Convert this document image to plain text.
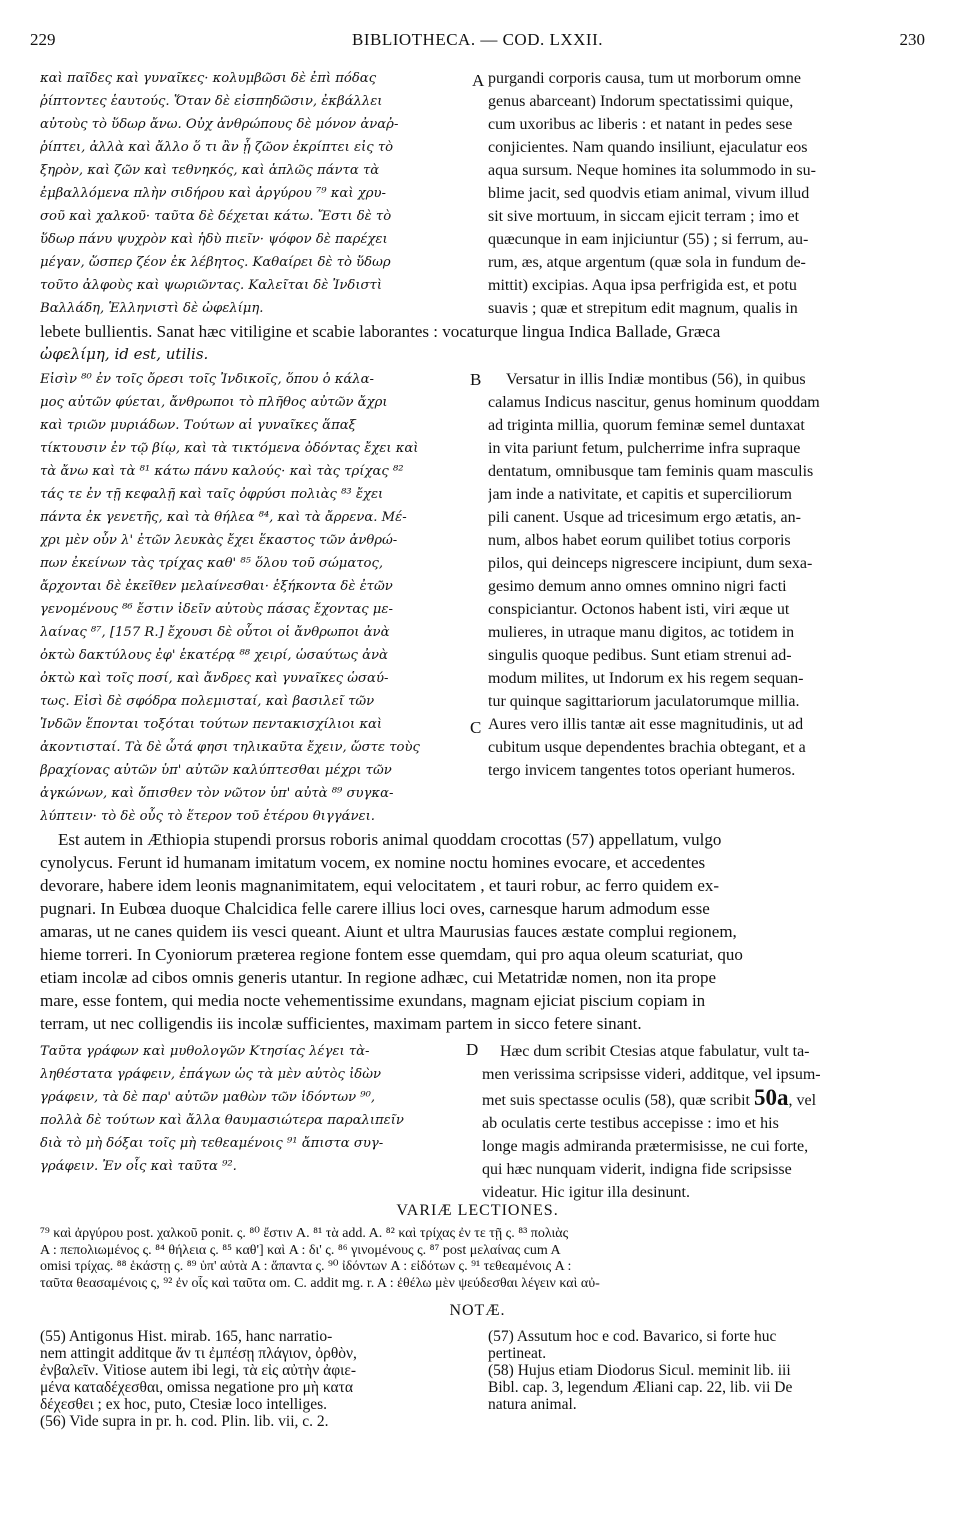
229	BIBLIOTHECA. — COD. LXXII.	230
καὶ παῖδες καὶ γυναῖκες· κολυμβῶσι δὲ ἐπὶ πόδας
ῥίπτοντες ἑαυτούς. Ὅταν δὲ εἰσπηδῶσιν, ἐκβάλλει
αὐτοὺς τὸ ὕδωρ ἄνω. Οὐχ ἀνθρώπους δὲ μόνον ἀναῤ-
ῥίπτει, ἀλλὰ καὶ ἄλλο ὅ τι ἂν ᾗ ζῶον ἐκρίπτει εἰς τὸ
ξηρὸν, καὶ ζῶν καὶ τεθνηκός, καὶ ἁπλῶς πάντα τὰ
ἐμβαλλόμενα πλὴν σιδήρου καὶ ἀργύρου ⁷⁹ καὶ χρυ-
σοῦ καὶ χαλκοῦ· ταῦτα δὲ δέχεται κάτω. Ἔστι δὲ τὸ
ὕδωρ πάνυ ψυχρὸν καὶ ἡδὺ πιεῖν· ψόφον δὲ παρέχει
μέγαν, ὥσπερ ζέον ἐκ λέβητος. Καθαίρει δὲ τὸ ὕδωρ
τοῦτο ἀλφοὺς καὶ ψωριῶντας. Καλεῖται δὲ Ἰνδιστὶ
Βαλλάδη, Ἑλληνιστὶ δὲ ὠφελίμη.
A purgandi corporis causa, tum ut morborum omne
genus abarceant) Indorum spectatissimi quique,
cum uxoribus ac liberis : et natant in pedes sese
conjicientes. Nam quando insiliunt, ejaculatur eos
aqua sursum. Neque homines ita solummodo in su-
blime jacit, sed quodvis etiam animal, vivum illud
sit sive mortuum, in siccam ejicit terram ; imo et
quæcunque in eam injiciuntur (55) ; si ferrum, au-
rum, æs, atque argentum (quæ sola in fundum de-
mittit) excipias. Aqua ipsa perfrigida est, et potu
suavis ; quæ et strepitum edit magnum, qualis in
lebete bullientis. Sanat hæc vitiligine et scabie laborantes : vocaturque lingua Indica Ballade, Græca
ὠφελίμη, id est, utilis.
Εἰσὶν ⁸⁰ ἐν τοῖς ὄρεσι τοῖς Ἰνδικοῖς, ὅπου ὁ κάλα-
μος αὐτῶν φύεται, ἄνθρωποι τὸ πλῆθος αὐτῶν ἄχρι
καὶ τριῶν μυριάδων. Τούτων αἱ γυναῖκες ἅπαξ
τίκτουσιν ἐν τῷ βίῳ, καὶ τὰ τικτόμενα ὀδόντας ἔχει καὶ
τὰ ἄνω καὶ τὰ ⁸¹ κάτω πάνυ καλούς· καὶ τὰς τρίχας ⁸²
τάς τε ἐν τῇ κεφαλῇ καὶ ταῖς ὀφρύσι πολιὰς ⁸³ ἔχει
πάντα ἐκ γενετῆς, καὶ τὰ θήλεα ⁸⁴, καὶ τὰ ἄρρενα. Μέ-
χρι μὲν οὖν λ' ἐτῶν λευκὰς ἔχει ἕκαστος τῶν ἀνθρώ-
πων ἐκείνων τὰς τρίχας καθ' ⁸⁵ ὅλου τοῦ σώματος,
ἄρχονται δὲ ἐκεῖθεν μελαίνεσθαι· ἑξήκοντα δὲ ἐτῶν
γενομένους ⁸⁶ ἔστιν ἰδεῖν αὐτοὺς πάσας ἔχοντας με-
λαίνας ⁸⁷, [157 R.] ἔχουσι δὲ οὗτοι οἱ ἄνθρωποι ἀνὰ
ὀκτὼ δακτύλους ἐφ' ἑκατέρᾳ ⁸⁸ χειρί, ὡσαύτως ἀνὰ
ὀκτὼ καὶ τοῖς ποσί, καὶ ἄνδρες καὶ γυναῖκες ὡσαύ-
τως. Εἰσὶ δὲ σφόδρα πολεμισταί, καὶ βασιλεῖ τῶν
Ἰνδῶν ἕπονται τοξόται τούτων πεντακισχίλιοι καὶ
ἀκοντισταί. Τὰ δὲ ὦτά φησι τηλικαῦτα ἔχειν, ὥστε τοὺς
βραχίονας αὐτῶν ὑπ' αὐτῶν καλύπτεσθαι μέχρι τῶν
ἀγκώνων, καὶ ὄπισθεν τὸν νῶτον ὑπ' αὐτὰ ⁸⁹ συγκα-
λύπτειν· τὸ δὲ οὖς τὸ ἕτερον τοῦ ἑτέρου θιγγάνει.
B	Versatur in illis Indiæ montibus (56), in quibus
calamus Indicus nascitur, genus hominum quoddam
ad triginta millia, quorum feminæ semel duntaxat
in vita pariunt fetum, pulcherrime infra supraque
dentatum, omnibusque tam feminis quam masculis
jam inde a nativitate, et capitis et superciliorum
pili canent. Usque ad tricesimum ergo ætatis, an-
num, albos habet eorum quilibet totius corporis
pilos, qui deinceps nigrescere incipiunt, dum sexa-
gesimo demum anno omnes omnino nigri facti
conspiciantur. Octonos habent isti, viri æque ut
mulieres, in utraque manu digitos, ac totidem in
singulis quoque pedibus. Sunt etiam strenui ad-
modum milites, ut Indorum ex his regem sequan-
tur quinque sagittariorum jaculatorumque millia.
Aures vero illis tantæ ait esse magnitudinis, ut ad
cubitum usque dependentes brachia obtegant, et a
tergo invicem tangentes totos operiant humeros.
C
Est autem in Æthiopia stupendi prorsus roboris animal quoddam crocottas (57) appellatum, vulgo
cynolycus. Ferunt id humanam imitatum vocem, ex nomine noctu homines evocare, et accedentes
devorare, habere idem leonis magnanimitatem, equi velocitatem , et tauri robur, ac ferro quidem ex-
pugnari. In Eubœa duoque Chalcidica felle carere illius loci oves, carnesque harum admodum esse
amaras, ut ne canes quidem iis vesci queant. Aiunt et ultra Maurusias fauces æstate complui regionem,
hieme torreri. In Cyoniorum præterea regione fontem esse quemdam, qui pro aqua oleum scaturiat, quo
etiam incolæ ad cibos omnis generis utantur. In regione adhæc, cui Metatridæ nomen, non ita prope
mare, esse fontem, qui media nocte vehementissime exundans, magnam ejiciat piscium copiam in
terram, ut nec colligendis iis incolæ sufficientes, maximam partem in sicco fetere sinant.
Ταῦτα γράφων καὶ μυθολογῶν Κτησίας λέγει τὰ-
ληθέστατα γράφειν, ἐπάγων ὡς τὰ μὲν αὐτὸς ἰδὼν
γράφειν, τὰ δὲ παρ' αὐτῶν μαθὼν τῶν ἰδόντων ⁹⁰,
πολλὰ δὲ τούτων καὶ ἄλλα θαυμασιώτερα παραλιπεῖν
διὰ τὸ μὴ δόξαι τοῖς μὴ τεθεαμένοις ⁹¹ ἄπιστα συγ-
γράφειν. Ἐν οἷς καὶ ταῦτα ⁹².
D	Hæc dum scribit Ctesias atque fabulatur, vult ta-
men verissima scripsisse videri, additque, vel ipsum-
met suis spectasse oculis (58), quæ scribit 50a, vel
ab oculatis certe testibus accepisse : imo et his
longe magis admiranda prætermisisse, ne cui forte,
qui hæc nunquam viderit, indigna fide scripsisse
videatur. Hic igitur illa desinunt.
VARIÆ LECTIONES.
⁷⁹ καὶ ἀργύρου post. χαλκοῦ ponit. ς. ⁸⁰ ἔστιν A. ⁸¹ τὰ add. A. ⁸² καὶ τρίχας ἐν τε τῇ ς. ⁸³ πολιὰς
A : πεπολιωμένος ς. ⁸⁴ θήλεια ς. ⁸⁵ καθ'] καὶ A : δι' ς. ⁸⁶ γινομένους ς. ⁸⁷ post μελαίνας cum A
omisi τρίχας. ⁸⁸ ἑκάστῃ ς. ⁸⁹ ὑπ' αὐτὰ A : ἅπαντα ς. ⁹⁰ ἰδόντων A : εἰδότων ς. ⁹¹ τεθεαμένοις A :
ταῦτα θεασαμένοις ς, ⁹² ἐν οἷς καὶ ταῦτα om. C. addit mg. r. A : ἐθέλω μὲν ψεύδεσθαι λέγειν καὶ αὐ-
NOTÆ.
(55) Antigonus Hist. mirab. 165, hanc narratio-
nem attingit additque ἄν τι ἐμπέσῃ πλάγιον, ὀρθὸν,
ἐνβαλεῖν. Vitiose autem ibi legi, τὰ εἰς αὐτὴν ἀφιε-
μένα καταδέχεσθαι, omissa negatione pro μὴ κατα
δέχεσθει ; ex hoc, puto, Ctesiæ loco intelliges.
(56) Vide supra in pr. h. cod. Plin. lib. vii, c. 2.
(57) Assutum hoc e cod. Bavarico, si forte huc
pertineat.
(58) Hujus etiam Diodorus Sicul. meminit lib. iii
Bibl. cap. 3, legendum Æliani cap. 22, lib. vii De
natura animal.
